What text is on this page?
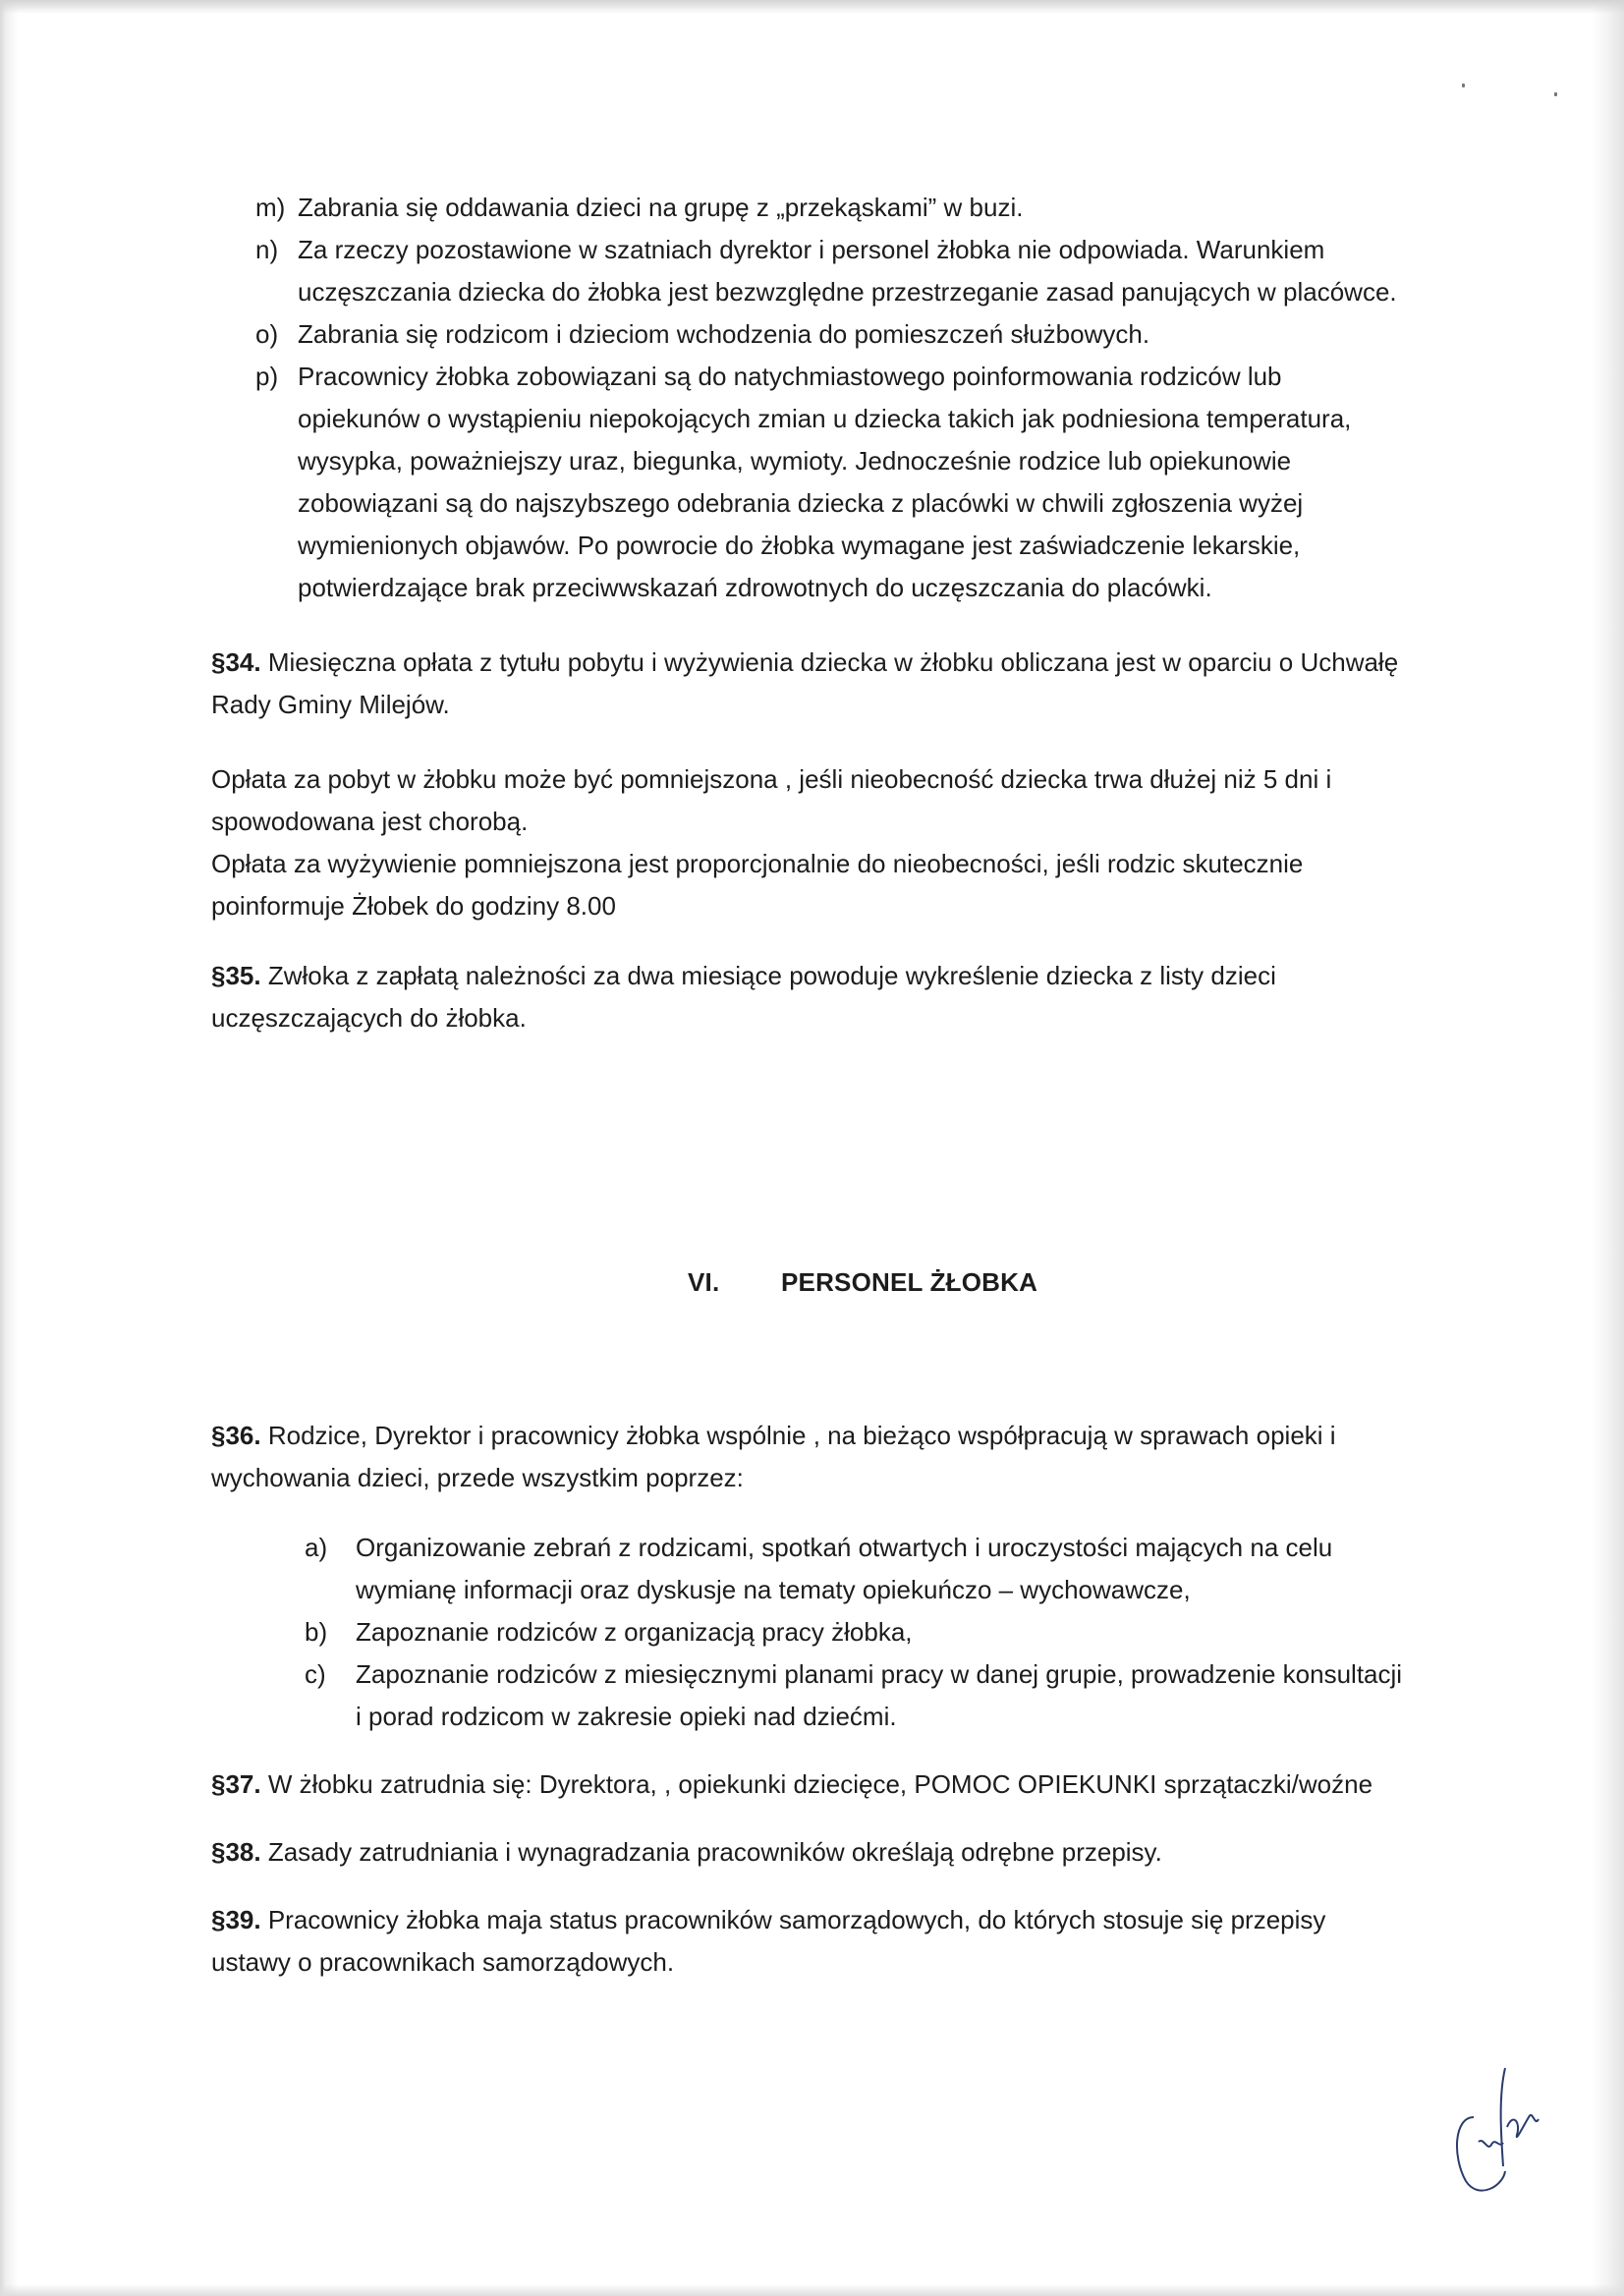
m) Zabrania się oddawania dzieci na grupę z „przekąskami” w buzi.
n) Za rzeczy pozostawione w szatniach dyrektor i personel żłobka nie odpowiada. Warunkiem uczęszczania dziecka do żłobka jest bezwzględne przestrzeganie zasad panujących w placówce.
o) Zabrania się rodzicom i dzieciom wchodzenia do pomieszczeń służbowych.
p) Pracownicy żłobka zobowiązani są do natychmiastowego poinformowania rodziców lub opiekunów o wystąpieniu niepokojących zmian u dziecka takich jak podniesiona temperatura, wysypka, poważniejszy uraz, biegunka, wymioty. Jednocześnie rodzice lub opiekunowie zobowiązani są do najszybszego odebrania dziecka z placówki w chwili zgłoszenia wyżej wymienionych objawów. Po powrocie do żłobka wymagane jest zaświadczenie lekarskie, potwierdzające brak przeciwwskazań zdrowotnych do uczęszczania do placówki.

§34. Miesięczna opłata z tytułu pobytu i wyżywienia dziecka w żłobku obliczana jest w oparciu o Uchwałę Rady Gminy Milejów.

Opłata za pobyt w żłobku może być pomniejszona , jeśli nieobecność dziecka trwa dłużej niż 5 dni i spowodowana jest chorobą.

Opłata za wyżywienie pomniejszona jest proporcjonalnie do nieobecności, jeśli rodzic skutecznie poinformuje Żłobek do godziny 8.00

§35. Zwłoka z zapłatą należności za dwa miesiące powoduje wykreślenie dziecka z listy dzieci uczęszczających do żłobka.

VI. PERSONEL ŻŁOBKA

§36. Rodzice, Dyrektor i pracownicy żłobka wspólnie , na bieżąco współpracują w sprawach opieki i wychowania dzieci, przede wszystkim poprzez:

a) Organizowanie zebrań z rodzicami, spotkań otwartych i uroczystości mających na celu wymianę informacji oraz dyskusje na tematy opiekuńczo – wychowawcze,
b) Zapoznanie rodziców z organizacją pracy żłobka,
c) Zapoznanie rodziców z miesięcznymi planami pracy w danej grupie, prowadzenie konsultacji i porad rodzicom w zakresie opieki nad dziećmi.

§37. W żłobku zatrudnia się: Dyrektora, , opiekunki dziecięce, POMOC OPIEKUNKI sprzątaczki/woźne

§38. Zasady zatrudniania i wynagradzania pracowników określają odrębne przepisy.

§39. Pracownicy żłobka maja status pracowników samorządowych, do których stosuje się przepisy ustawy o pracownikach samorządowych.
